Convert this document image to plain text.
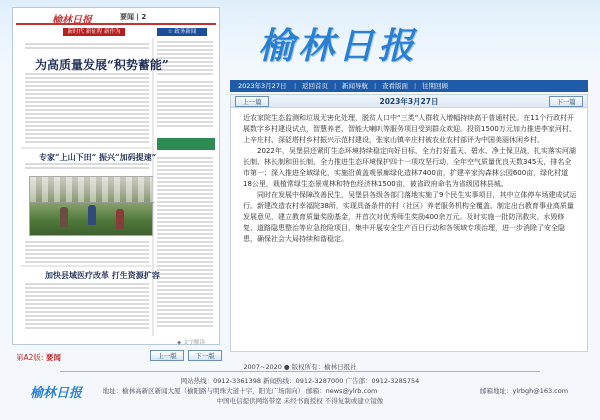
榆林日报
榆林日报	要闻 | 2
新时代 新征程 新作为	☆ 政务新闻
为高质量发展“积势蓄能”
专家“上山下田” 振兴“加码提速”
加快县域医疗改革 打生资源扩容
◆ 文字解读
第A2版: 要闻	上一版	下一版
2023年3月27日 | 返回首页 | 新闻导航 | 查看版面 | 往期回顾
2023年3月27日
上一篇	下一篇

近农家院生态监测和垃圾无害化处理，脱贫人口中“三类”人群收入增幅持续高于普通村民。在11个行政村开展数字乡村建设试点，智慧养老、智能大喇叭等服务项目受到群众欢迎。投资1500万元加力推进李家河村、上辛庄村、深砭塔村乡村振兴示范村建设，张家山镇辛庄村被农业农村部评为中国美丽休闲乡村。

2022年，吴堡县还紧盯生态环境持续稳定向好目标，全力打好蓝天、碧水、净土保卫战，扎实落实河湖长制、林长制和田长制，全力推进生态环境保护四十一项攻坚行动，全年空气质量优良天数345天，排名全市第一；深入推进全域绿化，实施沿黄盖观景廊绿化造林7400亩，扩建辛家沟森林公园600亩，绿化村道18公里，栽植常绿生态景观林和特色经济林1500亩，被省政府命名为省级园林县城。

同时在发展中保障改善民生，吴堡县各级各部门落地实施了9个民生实事项目，其中立体停车场建成试运行。新建改造农村幸福院38所，实现具备条件的村（社区）养老服务机构全覆盖。制定出台教育事业高质量发展意见，建立教育质量奖励基金，并首次对优秀师生奖励400余万元。及时实施一批防汛救灾、水毁修复、道路隐患整治等应急抢险项目，集中开展安全生产百日行动和各领域专项治理，进一步消除了安全隐患，确保社会大局持续和谐稳定。

2007~2020 ● 版权所有：榆林日报社
榆林日报
网站热线：0912-3361398 新闻热线：0912-3287000 广告部：0912-3285754
地址：榆林高新区新闻大厦（榆阳路与明珠大道十字，阳光广场南向） 邮箱：news@ylrb.com	邮箱地址：ylrbgh@163.com
中国电信提供网络带宽 未经书面授权 不得复制或建立镜像
